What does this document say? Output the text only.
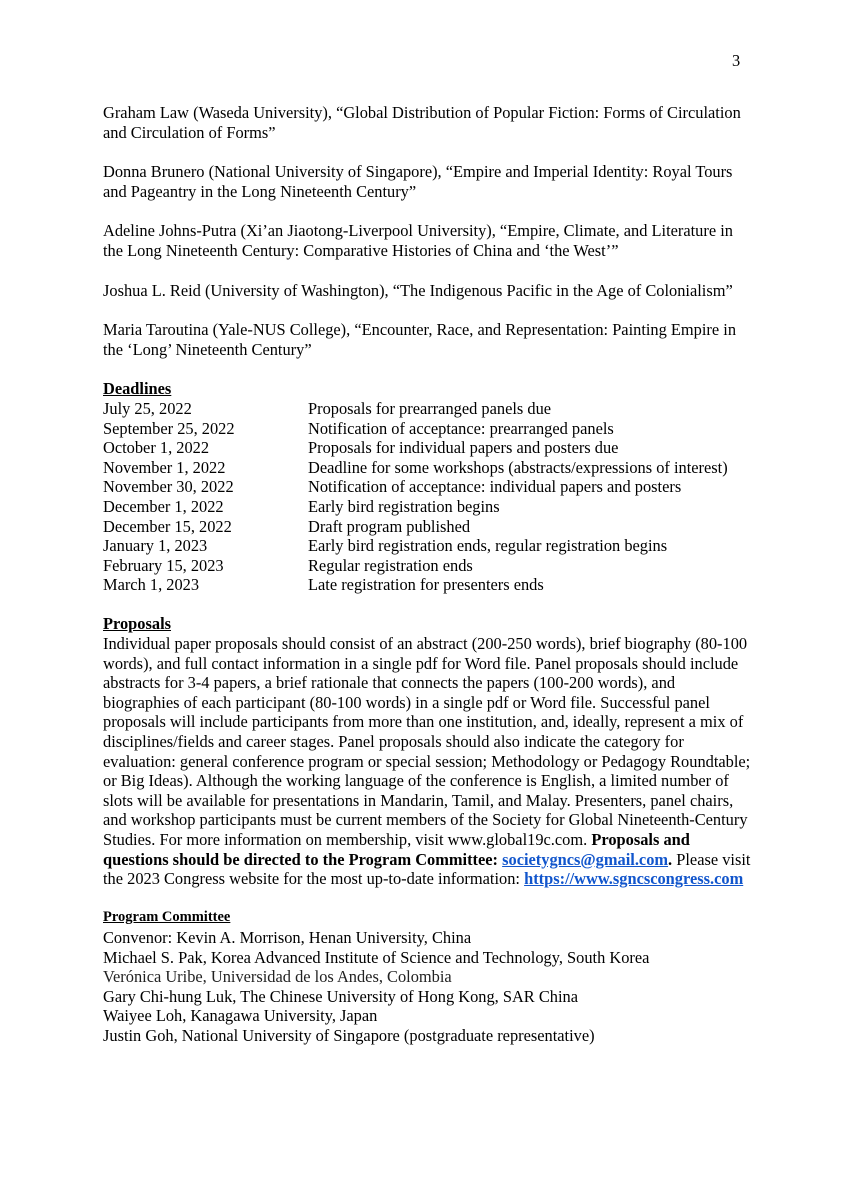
3

Graham Law (Waseda University), “Global Distribution of Popular Fiction: Forms of Circulation and Circulation of Forms”

Donna Brunero (National University of Singapore), “Empire and Imperial Identity: Royal Tours and Pageantry in the Long Nineteenth Century”

Adeline Johns-Putra (Xi’an Jiaotong-Liverpool University), “Empire, Climate, and Literature in the Long Nineteenth Century: Comparative Histories of China and ‘the West’”

Joshua L. Reid (University of Washington), “The Indigenous Pacific in the Age of Colonialism”

Maria Taroutina (Yale-NUS College), “Encounter, Race, and Representation: Painting Empire in the ‘Long’ Nineteenth Century”

Deadlines

July 25, 2022	Proposals for prearranged panels due
September 25, 2022	Notification of acceptance: prearranged panels
October 1, 2022	Proposals for individual papers and posters due
November 1, 2022	Deadline for some workshops (abstracts/expressions of interest)
November 30, 2022	Notification of acceptance: individual papers and posters
December 1, 2022	Early bird registration begins
December 15, 2022	Draft program published
January 1, 2023	Early bird registration ends, regular registration begins
February 15, 2023	Regular registration ends
March 1, 2023	Late registration for presenters ends

Proposals

Individual paper proposals should consist of an abstract (200-250 words), brief biography (80-100 words), and full contact information in a single pdf for Word file. Panel proposals should include abstracts for 3-4 papers, a brief rationale that connects the papers (100-200 words), and biographies of each participant (80-100 words) in a single pdf or Word file. Successful panel proposals will include participants from more than one institution, and, ideally, represent a mix of disciplines/fields and career stages. Panel proposals should also indicate the category for evaluation: general conference program or special session; Methodology or Pedagogy Roundtable; or Big Ideas). Although the working language of the conference is English, a limited number of slots will be available for presentations in Mandarin, Tamil, and Malay. Presenters, panel chairs, and workshop participants must be current members of the Society for Global Nineteenth-Century Studies. For more information on membership, visit www.global19c.com. Proposals and questions should be directed to the Program Committee: societygncs@gmail.com. Please visit the 2023 Congress website for the most up-to-date information: https://www.sgncscongress.com

Program Committee

Convenor: Kevin A. Morrison, Henan University, China

Michael S. Pak, Korea Advanced Institute of Science and Technology, South Korea

Verónica Uribe, Universidad de los Andes, Colombia

Gary Chi-hung Luk, The Chinese University of Hong Kong, SAR China

Waiyee Loh, Kanagawa University, Japan

Justin Goh, National University of Singapore (postgraduate representative)
